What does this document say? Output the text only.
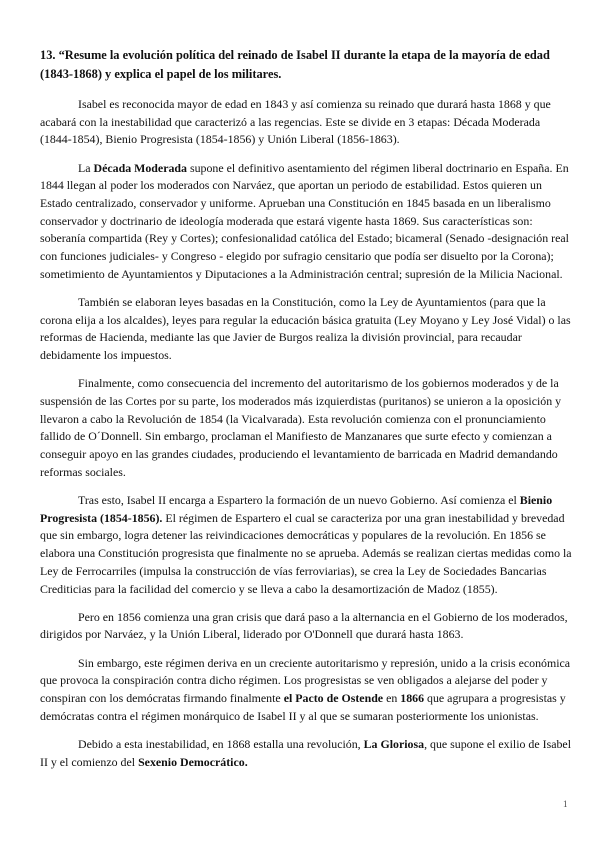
13. “Resume la evolución política del reinado de Isabel II durante la etapa de la mayoría de edad (1843-1868) y explica el papel de los militares.

Isabel es reconocida mayor de edad en 1843 y así comienza su reinado que durará hasta 1868 y que acabará con la inestabilidad que caracterizó a las regencias. Este se divide en 3 etapas: Década Moderada (1844-1854), Bienio Progresista (1854-1856) y Unión Liberal (1856-1863).

La Década Moderada supone el definitivo asentamiento del régimen liberal doctrinario en España. En 1844 llegan al poder los moderados con Narváez, que aportan un periodo de estabilidad. Estos quieren un Estado centralizado, conservador y uniforme. Aprueban una Constitución en 1845 basada en un liberalismo conservador y doctrinario de ideología moderada que estará vigente hasta 1869. Sus características son: soberanía compartida (Rey y Cortes); confesionalidad católica del Estado; bicameral (Senado -designación real con funciones judiciales- y Congreso - elegido por sufragio censitario que podía ser disuelto por la Corona); sometimiento de Ayuntamientos y Diputaciones a la Administración central; supresión de la Milicia Nacional.

También se elaboran leyes basadas en la Constitución, como la Ley de Ayuntamientos (para que la corona elija a los alcaldes), leyes para regular la educación básica gratuita (Ley Moyano y Ley José Vidal) o las reformas de Hacienda, mediante las que Javier de Burgos realiza la división provincial, para recaudar debidamente los impuestos.

Finalmente, como consecuencia del incremento del autoritarismo de los gobiernos moderados y de la suspensión de las Cortes por su parte, los moderados más izquierdistas (puritanos) se unieron a la oposición y llevaron a cabo la Revolución de 1854 (la Vicalvarada). Esta revolución comienza con el pronunciamiento fallido de O´Donnell. Sin embargo, proclaman el Manifiesto de Manzanares que surte efecto y comienzan a conseguir apoyo en las grandes ciudades, produciendo el levantamiento de barricada en Madrid demandando reformas sociales.

Tras esto, Isabel II encarga a Espartero la formación de un nuevo Gobierno. Así comienza el Bienio Progresista (1854-1856). El régimen de Espartero el cual se caracteriza por una gran inestabilidad y brevedad que sin embargo, logra detener las reivindicaciones democráticas y populares de la revolución. En 1856 se elabora una Constitución progresista que finalmente no se aprueba. Además se realizan ciertas medidas como la Ley de Ferrocarriles (impulsa la construcción de vías ferroviarias), se crea la Ley de Sociedades Bancarias Crediticias para la facilidad del comercio y se lleva a cabo la desamortización de Madoz (1855).

Pero en 1856 comienza una gran crisis que dará paso a la alternancia en el Gobierno de los moderados, dirigidos por Narváez, y la Unión Liberal, liderado por O'Donnell que durará hasta 1863.

Sin embargo, este régimen deriva en un creciente autoritarismo y represión, unido a la crisis económica que provoca la conspiración contra dicho régimen. Los progresistas se ven obligados a alejarse del poder y conspiran con los demócratas firmando finalmente el Pacto de Ostende en 1866 que agrupara a progresistas y demócratas contra el régimen monárquico de Isabel II y al que se sumaran posteriormente los unionistas.

Debido a esta inestabilidad, en 1868 estalla una revolución, La Gloriosa, que supone el exilio de Isabel II y el comienzo del Sexenio Democrático.

1
